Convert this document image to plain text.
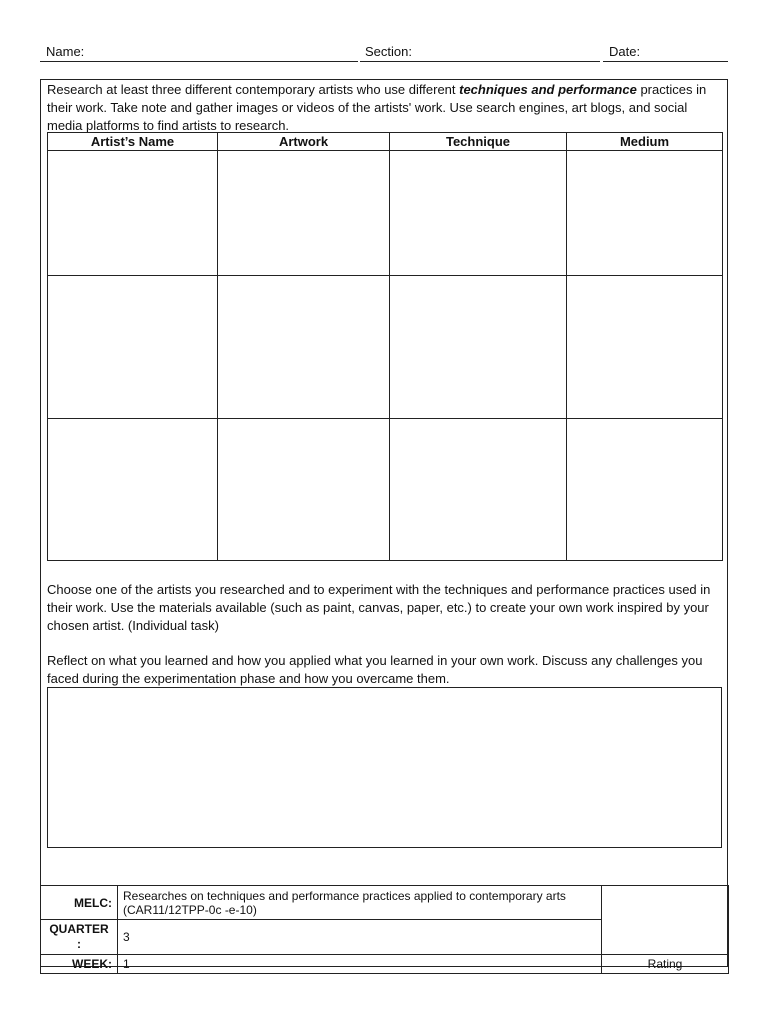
Name:	Section:	Date:
Research at least three different contemporary artists who use different techniques and performance practices in their work. Take note and gather images or videos of the artists' work. Use search engines, art blogs, and social media platforms to find artists to research.
Artist’s Name	Artwork	Technique	Medium

Choose one of the artists you researched and to experiment with the techniques and performance practices used in their work. Use the materials available (such as paint, canvas, paper, etc.) to create your own work inspired by your chosen artist. (Individual task)
Reflect on what you learned and how you applied what you learned in your own work. Discuss any challenges you faced during the experimentation phase and how you overcame them.
MELC:	Researches on techniques and performance practices applied to contemporary arts (CAR11/12TPP-0c -e-10)	
QUARTER :	3	
WEEK:	1	Rating
